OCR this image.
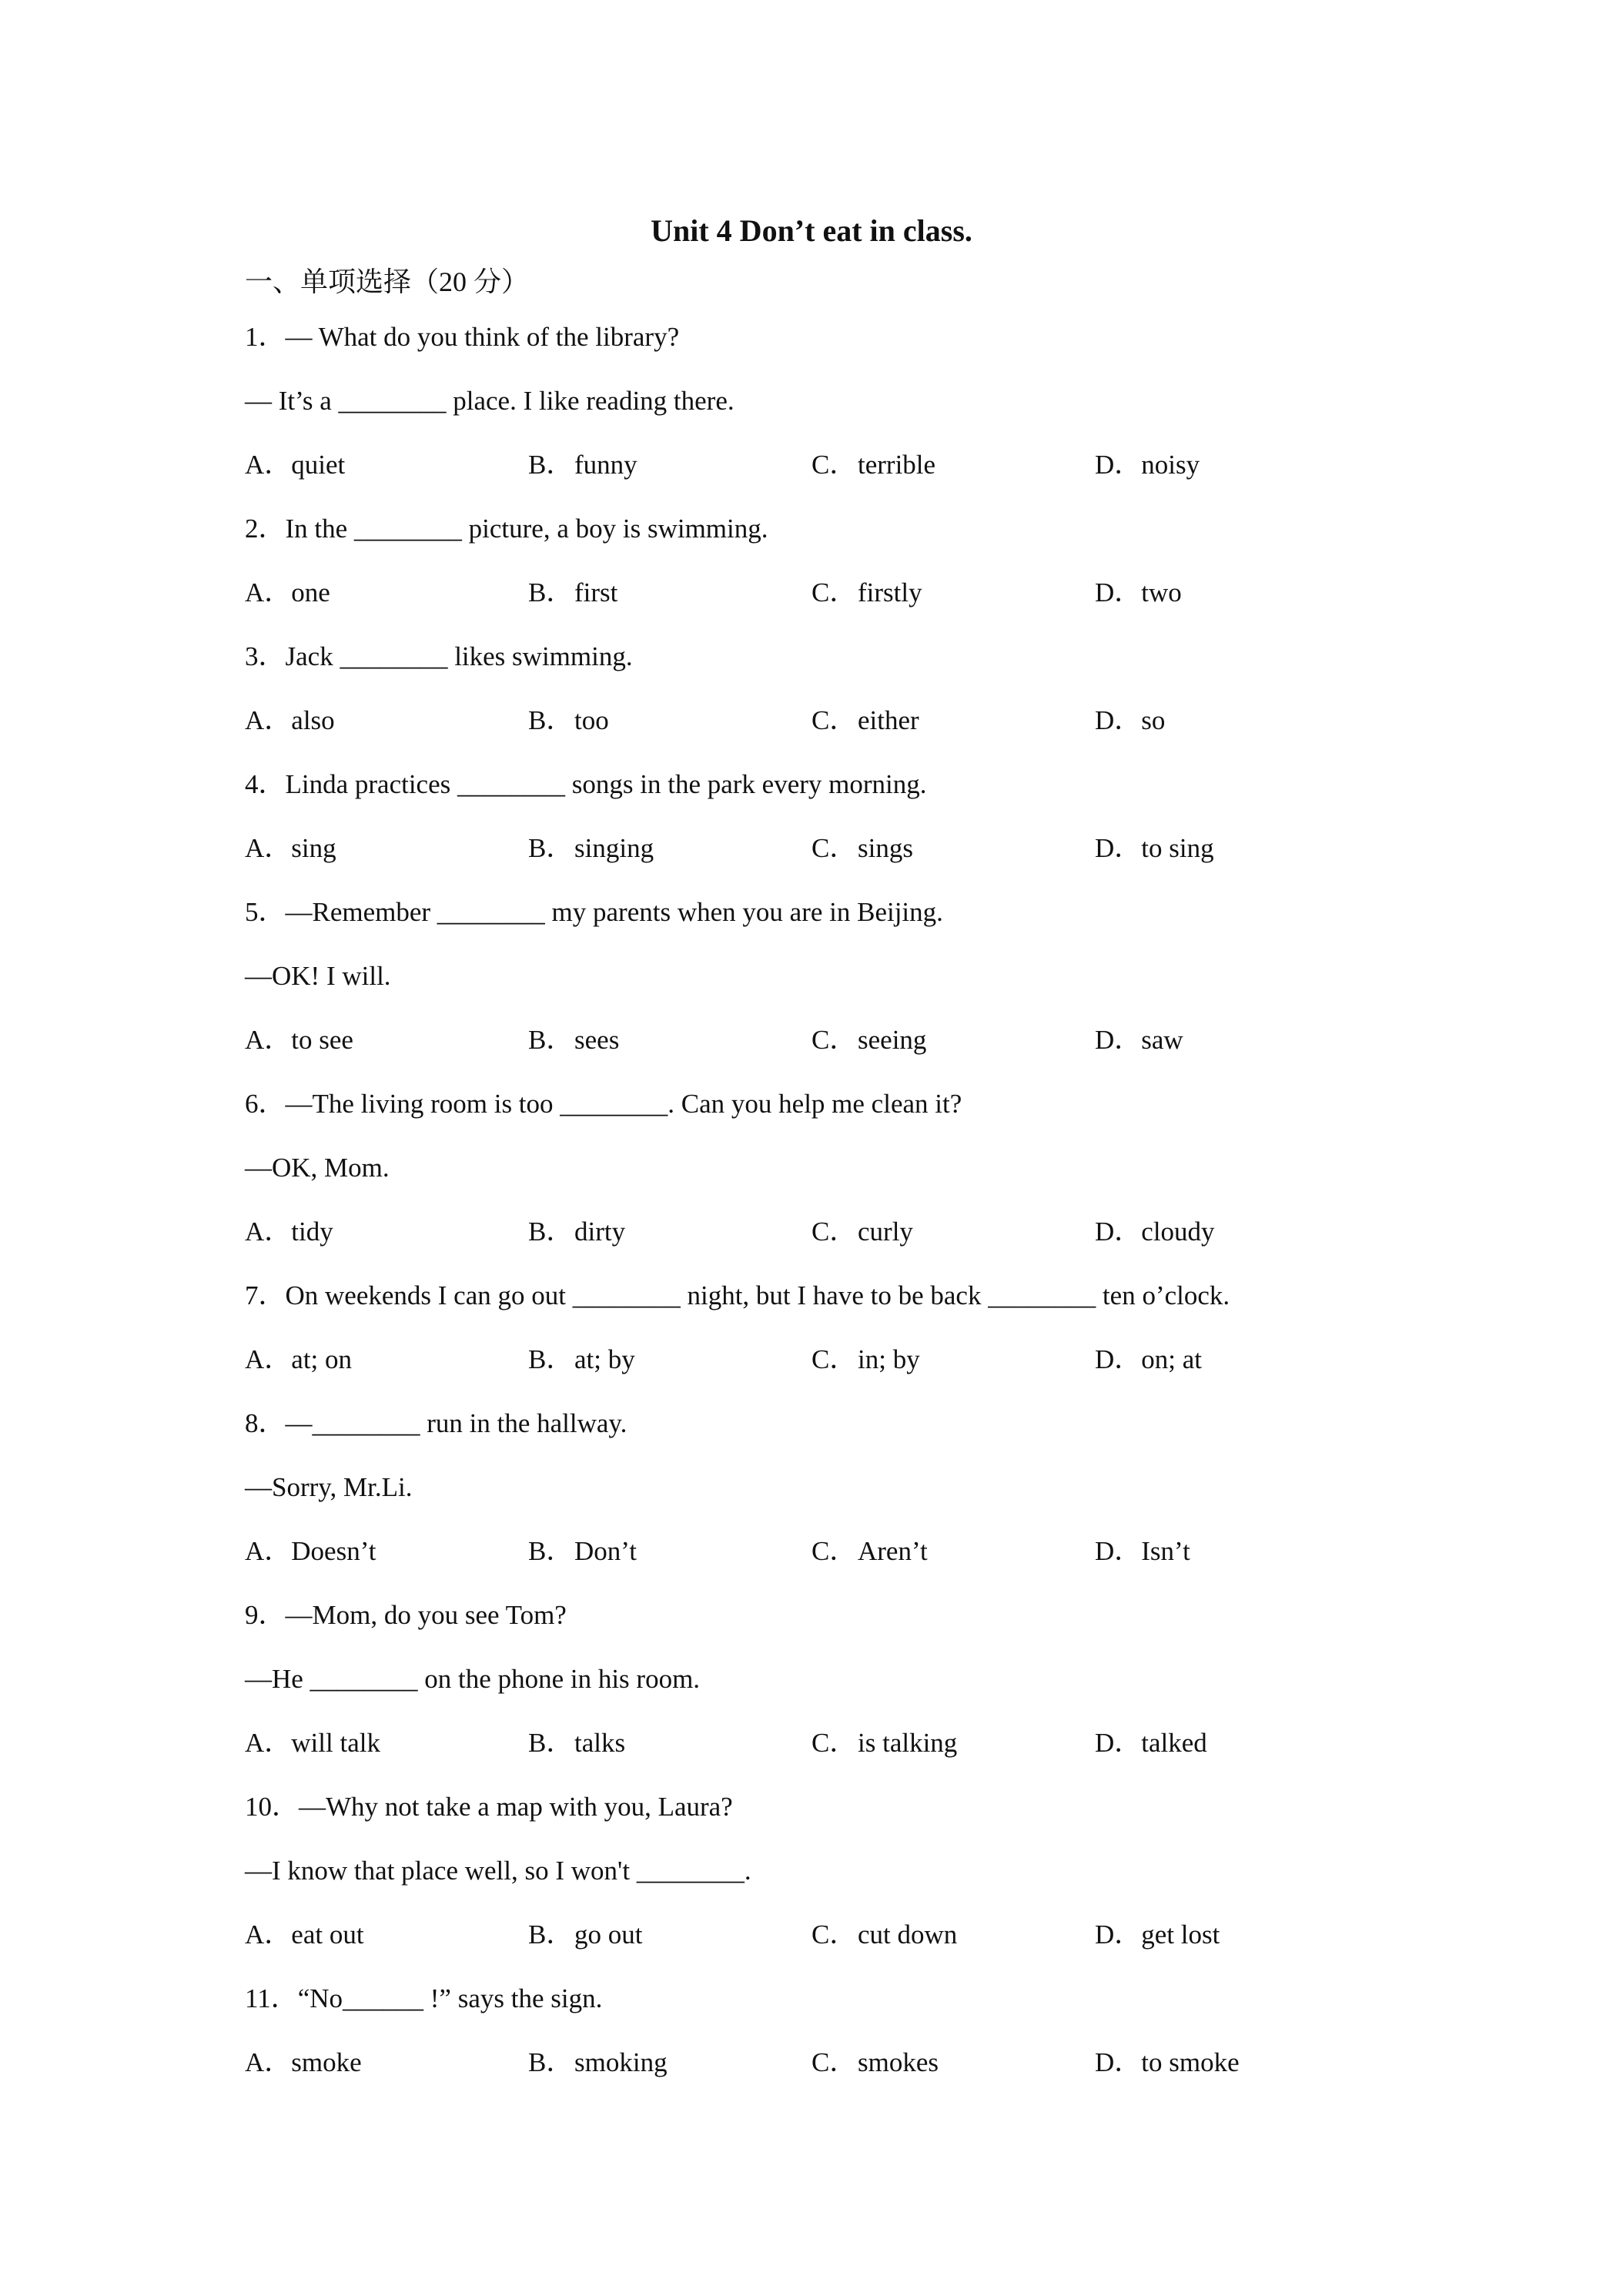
Unit 4 Don’t eat in class.
一、单项选择（20 分）
1．— What do you think of the library?
— It’s a ________ place. I like reading there.
A．quiet	B．funny	C．terrible	D．noisy
2．In the ________ picture, a boy is swimming.
A．one	B．first	C．firstly	D．two
3．Jack ________ likes swimming.
A．also	B．too	C．either	D．so
4．Linda practices ________ songs in the park every morning.
A．sing	B．singing	C．sings	D．to sing
5．—Remember ________ my parents when you are in Beijing.
—OK! I will.
A．to see	B．sees	C．seeing	D．saw
6．—The living room is too ________. Can you help me clean it?
—OK, Mom.
A．tidy	B．dirty	C．curly	D．cloudy
7．On weekends I can go out ________ night, but I have to be back ________ ten o’clock.
A．at; on	B．at; by	C．in; by	D．on; at
8．—________ run in the hallway.
—Sorry, Mr.Li.
A．Doesn’t	B．Don’t	C．Aren’t	D．Isn’t
9．—Mom, do you see Tom?
—He ________ on the phone in his room.
A．will talk	B．talks	C．is talking	D．talked
10．—Why not take a map with you, Laura?
—I know that place well, so I won't ________.
A．eat out	B．go out	C．cut down	D．get lost
11．“No______ !” says the sign.
A．smoke	B．smoking	C．smokes	D．to smoke
